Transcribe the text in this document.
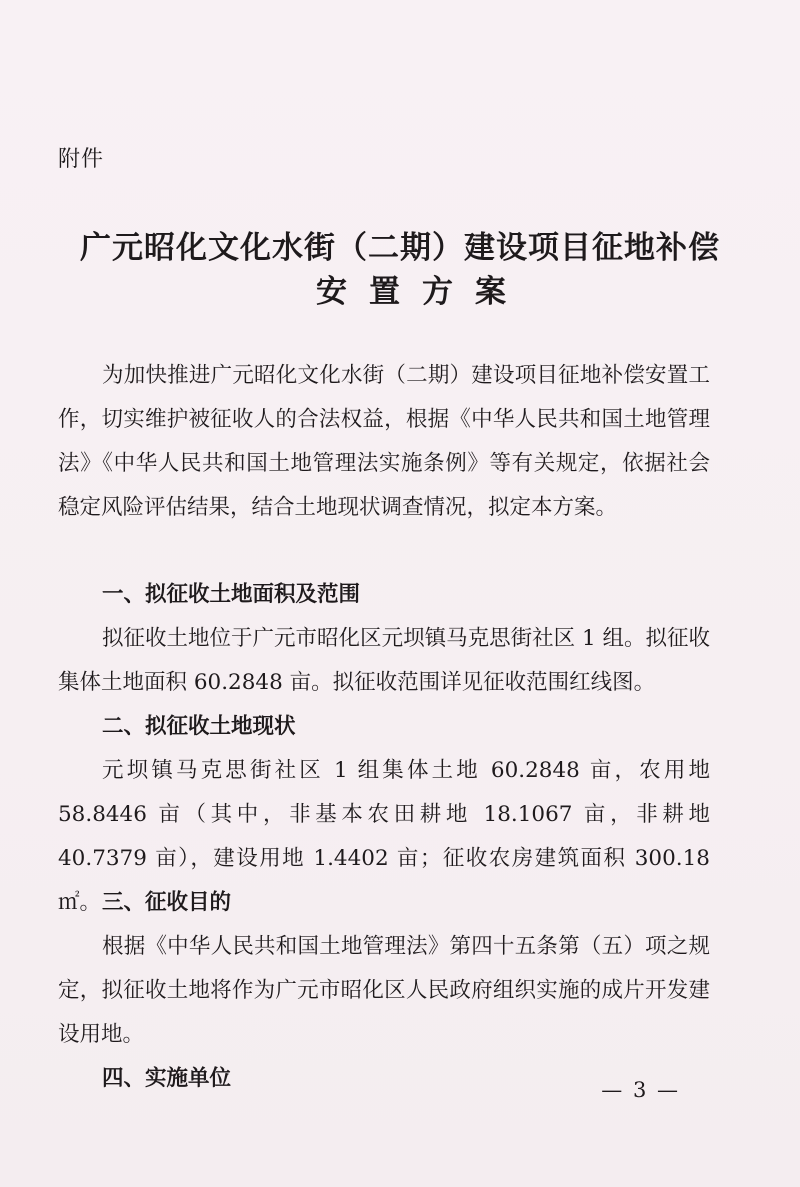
附件
广元昭化文化水街（二期）建设项目征地补偿
安置方案
为加快推进广元昭化文化水街（二期）建设项目征地补偿安置工作，切实维护被征收人的合法权益，根据《中华人民共和国土地管理法》《中华人民共和国土地管理法实施条例》等有关规定，依据社会稳定风险评估结果，结合土地现状调查情况，拟定本方案。
一、拟征收土地面积及范围
拟征收土地位于广元市昭化区元坝镇马克思街社区 1 组。拟征收集体土地面积 60.2848 亩。拟征收范围详见征收范围红线图。
二、拟征收土地现状
元坝镇马克思街社区 1 组集体土地 60.2848 亩，农用地 58.8446 亩（其中，非基本农田耕地 18.1067 亩，非耕地 40.7379 亩），建设用地 1.4402 亩；征收农房建筑面积 300.18 ㎡。 三、征收目的
根据《中华人民共和国土地管理法》第四十五条第（五）项之规定，拟征收土地将作为广元市昭化区人民政府组织实施的成片开发建设用地。
四、实施单位	— 3 —
